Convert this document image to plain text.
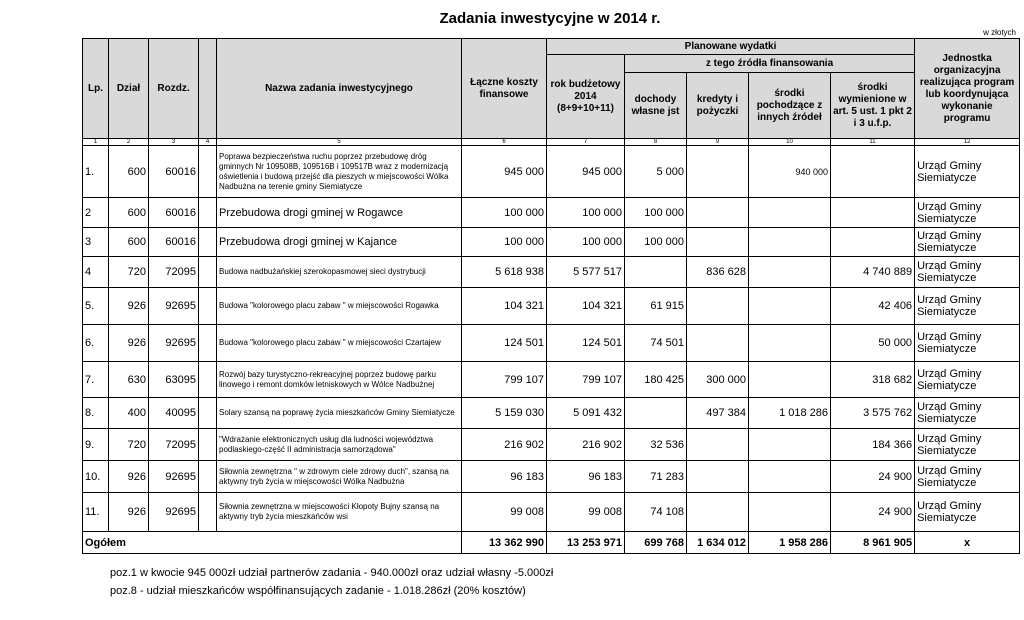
Zadania inwestycyjne w 2014 r.
w złotych
Lp.	Dział	Rozdz.		Nazwa zadania inwestycyjnego	Łączne koszty finansowe	Planowane wydatki					Jednostka organizacyjna realizująca program lub koordynująca wykonanie programu
						rok budżetowy 2014 (8+9+10+11)	z tego źródła finansowania				
							dochody własne jst	kredyty i pożyczki	środki pochodzące z innych źródeł	środki wymienione w art. 5 ust. 1 pkt 2 i 3 u.f.p.	
1	2	3	4	5	6	7	8	9	10	11	12
1.	600	60016		Poprawa bezpieczeństwa ruchu poprzez przebudowę dróg gminnych Nr 109508B, 109516B i 109517B wraz z modernizacją oświetlenia i budową przejść dla pieszych w miejscowości Wólka Nadbużna na terenie gminy Siemiatycze	945 000	945 000	5 000		940 000		Urząd Gminy Siemiatycze
2	600	60016		Przebudowa drogi gminej w Rogawce	100 000	100 000	100 000				Urząd Gminy Siemiatycze
3	600	60016		Przebudowa drogi gminej w Kajance	100 000	100 000	100 000				Urząd Gminy Siemiatycze
4	720	72095		Budowa nadbużańskiej szerokopasmowej sieci dystrybucji	5 618 938	5 577 517		836 628		4 740 889	Urząd Gminy Siemiatycze
5.	926	92695		Budowa "kolorowego placu zabaw " w miejscowości Rogawka	104 321	104 321	61 915			42 406	Urząd Gminy Siemiatycze
6.	926	92695		Budowa "kolorowego placu zabaw " w miejscowości Czartajew	124 501	124 501	74 501			50 000	Urząd Gminy Siemiatycze
7.	630	63095		Rozwój bazy turystyczno-rekreacyjnej poprzez budowę parku linowego i remont domków letniskowych w Wólce Nadbużnej	799 107	799 107	180 425	300 000		318 682	Urząd Gminy Siemiatycze
8.	400	40095		Solary szansą na poprawę życia mieszkańców Gminy Siemiatycze	5 159 030	5 091 432		497 384	1 018 286	3 575 762	Urząd Gminy Siemiatycze
9.	720	72095		"Wdrażanie elektronicznych usług dla ludności województwa podlaskiego-część II administracja samorządowa"	216 902	216 902	32 536			184 366	Urząd Gminy Siemiatycze
10.	926	92695		Siłownia zewnętrzna " w zdrowym ciele zdrowy duch", szansą na aktywny tryb życia w miejscowości Wólka Nadbużna	96 183	96 183	71 283			24 900	Urząd Gminy Siemiatycze
11.	926	92695		Siłownia zewnętrzna w miejscowości Kłopoty Bujny szansą na aktywny tryb życia mieszkańców wsi	99 008	99 008	74 108			24 900	Urząd Gminy Siemiatycze
Ogółem					13 362 990	13 253 971	699 768	1 634 012	1 958 286	8 961 905	x
poz.1 w kwocie 945 000zł udział partnerów zadania - 940.000zł oraz udział własny -5.000zł
poz.8 - udział mieszkańców współfinansujących zadanie - 1.018.286zł (20% kosztów)
